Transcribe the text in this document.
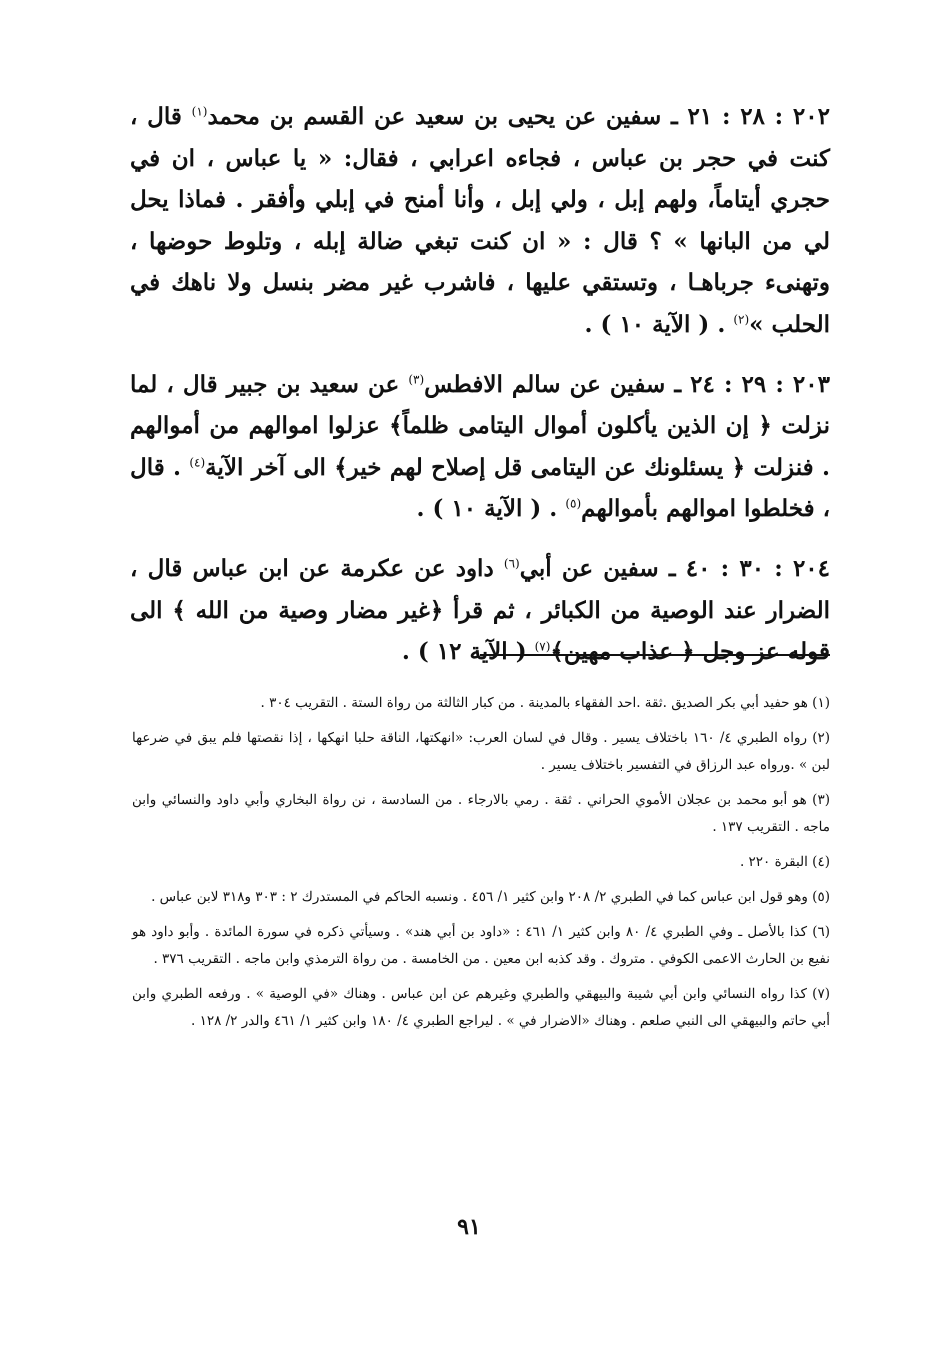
٢٠٢ : ٢٨ : ٢١ ـ سفين عن يحيى بن سعيد عن القسم بن محمد$^{(١)}$ قال ، كنت في حجر بن عباس ، فجاءه اعرابي ، فقال: « يا عباس ، ان في حجري أيتاماً، ولهم إبل ، ولي إبل ، وأنا أمنح في إبلي وأفقر . فماذا يحل لي من البانها » ؟ قال : « ان كنت تبغي ضالة إبله ، وتلوط حوضها ، وتهنىء جرباهـا ، وتستقي عليها ، فاشرب غير مضر بنسل ولا ناهك في الحلب »$^{(٢)}$ . ( الآية ١٠ ) .

٢٠٣ : ٢٩ : ٢٤ ـ سفين عن سالم الافطس$^{(٣)}$ عن سعيد بن جبير قال ، لما نزلت ﴿ إن الذين يأكلون أموال اليتامى ظلماً﴾ عزلوا اموالهم من أموالهم . فنزلت ﴿ يسئلونك عن اليتامى قل إصلاح لهم خير﴾ الى آخر الآية$^{(٤)}$ . قال ، فخلطوا اموالهم بأموالهم$^{(٥)}$ . ( الآية ١٠ ) .

٢٠٤ : ٣٠ : ٤٠ ـ سفين عن أبي$^{(٦)}$ داود عن عكرمة عن ابن عباس قال ، الضرار عند الوصية من الكبائر ، ثم قرأ ﴿غير مضار وصية من الله ﴾ الى قوله عز وجل ﴿ عذاب مهين﴾$^{(٧)}$ ( الآية ١٢ ) .

(١) هو حفيد أبي بكر الصديق .ثقة .احد الفقهاء بالمدينة . من كبار الثالثة من رواة الستة . التقريب ٣٠٤ .
(٢) رواه الطبري ٤/ ١٦٠ باختلاف يسير . وقال في لسان العرب: «انهكتها، الناقة حلبا انهكها ، إذا نقصتها فلم يبق في ضرعها لبن » .ورواه عبد الرزاق في التفسير باختلاف يسير .
(٣) هو أبو محمد بن عجلان الأموي الحراني . ثقة . رمي بالارجاء . من السادسة ، نن رواة البخاري وأبي داود والنسائي وابن ماجه . التقريب ١٣٧ .
(٤) البقرة ٢٢٠ .
(٥) وهو قول ابن عباس كما في الطبري ٢/ ٢٠٨ وابن كثير ١/ ٤٥٦ . ونسبه الحاكم في المستدرك ٢ : ٣٠٣ و٣١٨ لابن عباس .
(٦) كذا بالأصل ـ وفي الطبري ٤/ ٨٠ وابن كثير ١/ ٤٦١ : «داود بن أبي هند» . وسيأتي ذكره في سورة المائدة . وأبو داود هو نفيع بن الحارث الاعمى الكوفي . متروك . وقد كذبه ابن معين . من الخامسة . من رواة الترمذي وابن ماجه . التقريب ٣٧٦ .
(٧) كذا رواه النسائي وابن أبي شيبة والبيهقي والطبري وغيرهم عن ابن عباس . وهناك «في الوصية » . ورفعه الطبري وابن أبي حاتم والبيهقي الى النبي صلعم . وهناك «الاضرار في » . ليراجع الطبري ٤/ ١٨٠ وابن كثير ١/ ٤٦١ والدر ٢/ ١٢٨ .
٩١
